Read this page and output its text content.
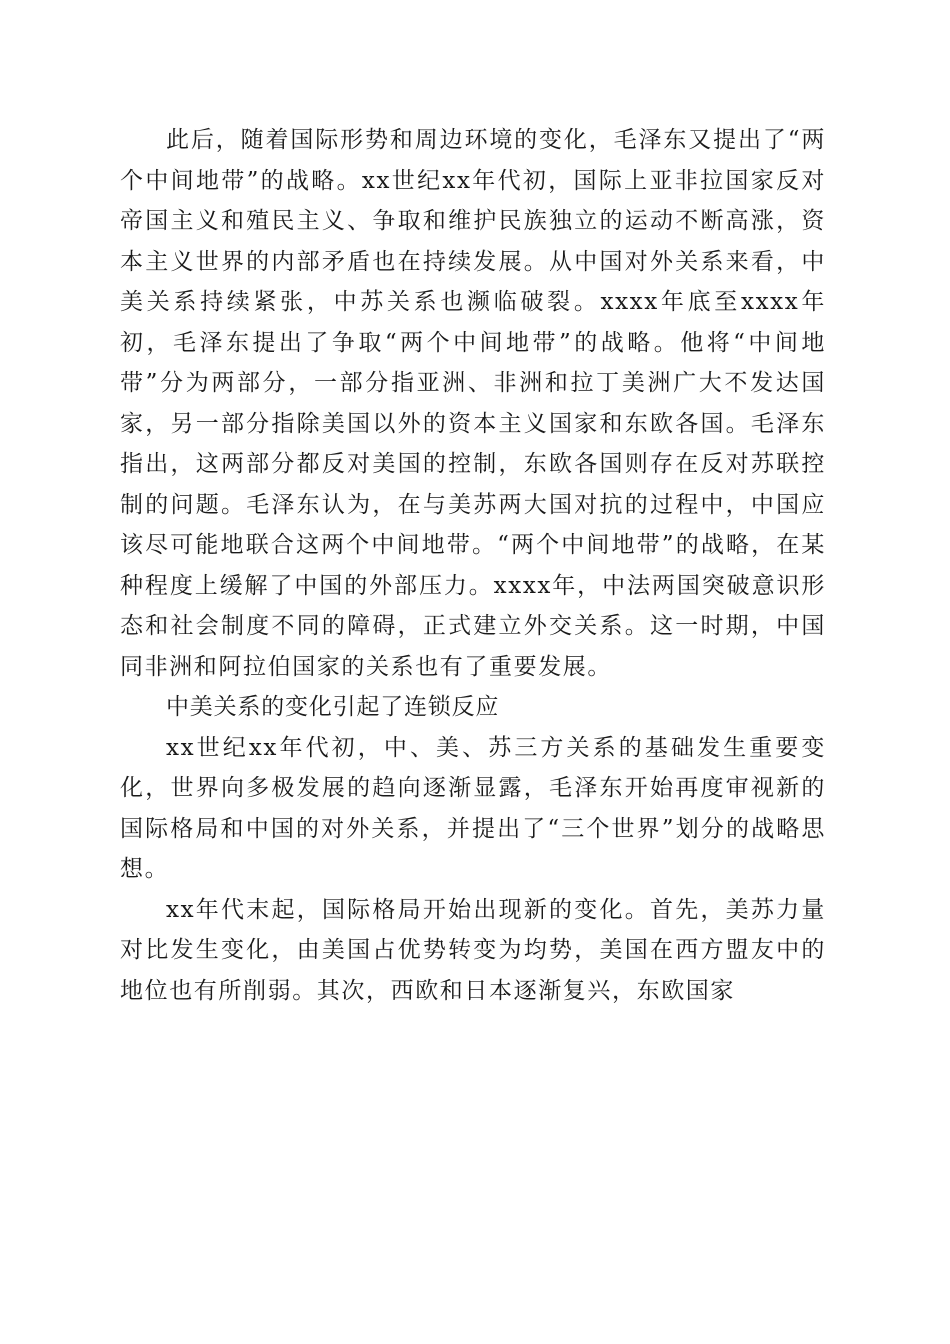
此后，随着国际形势和周边环境的变化，毛泽东又提出了“两个中间地带”的战略。xx世纪xx年代初，国际上亚非拉国家反对帝国主义和殖民主义、争取和维护民族独立的运动不断高涨，资本主义世界的内部矛盾也在持续发展。从中国对外关系来看，中美关系持续紧张，中苏关系也濒临破裂。xxxx年底至xxxx年初，毛泽东提出了争取“两个中间地带”的战略。他将“中间地带”分为两部分，一部分指亚洲、非洲和拉丁美洲广大不发达国家，另一部分指除美国以外的资本主义国家和东欧各国。毛泽东指出，这两部分都反对美国的控制，东欧各国则存在反对苏联控制的问题。毛泽东认为，在与美苏两大国对抗的过程中，中国应该尽可能地联合这两个中间地带。“两个中间地带”的战略，在某种程度上缓解了中国的外部压力。xxxx年，中法两国突破意识形态和社会制度不同的障碍，正式建立外交关系。这一时期，中国同非洲和阿拉伯国家的关系也有了重要发展。

中美关系的变化引起了连锁反应

xx世纪xx年代初，中、美、苏三方关系的基础发生重要变化，世界向多极发展的趋向逐渐显露，毛泽东开始再度审视新的国际格局和中国的对外关系，并提出了“三个世界”划分的战略思想。

xx年代末起，国际格局开始出现新的变化。首先，美苏力量对比发生变化，由美国占优势转变为均势，美国在西方盟友中的地位也有所削弱。其次，西欧和日本逐渐复兴，东欧国家
